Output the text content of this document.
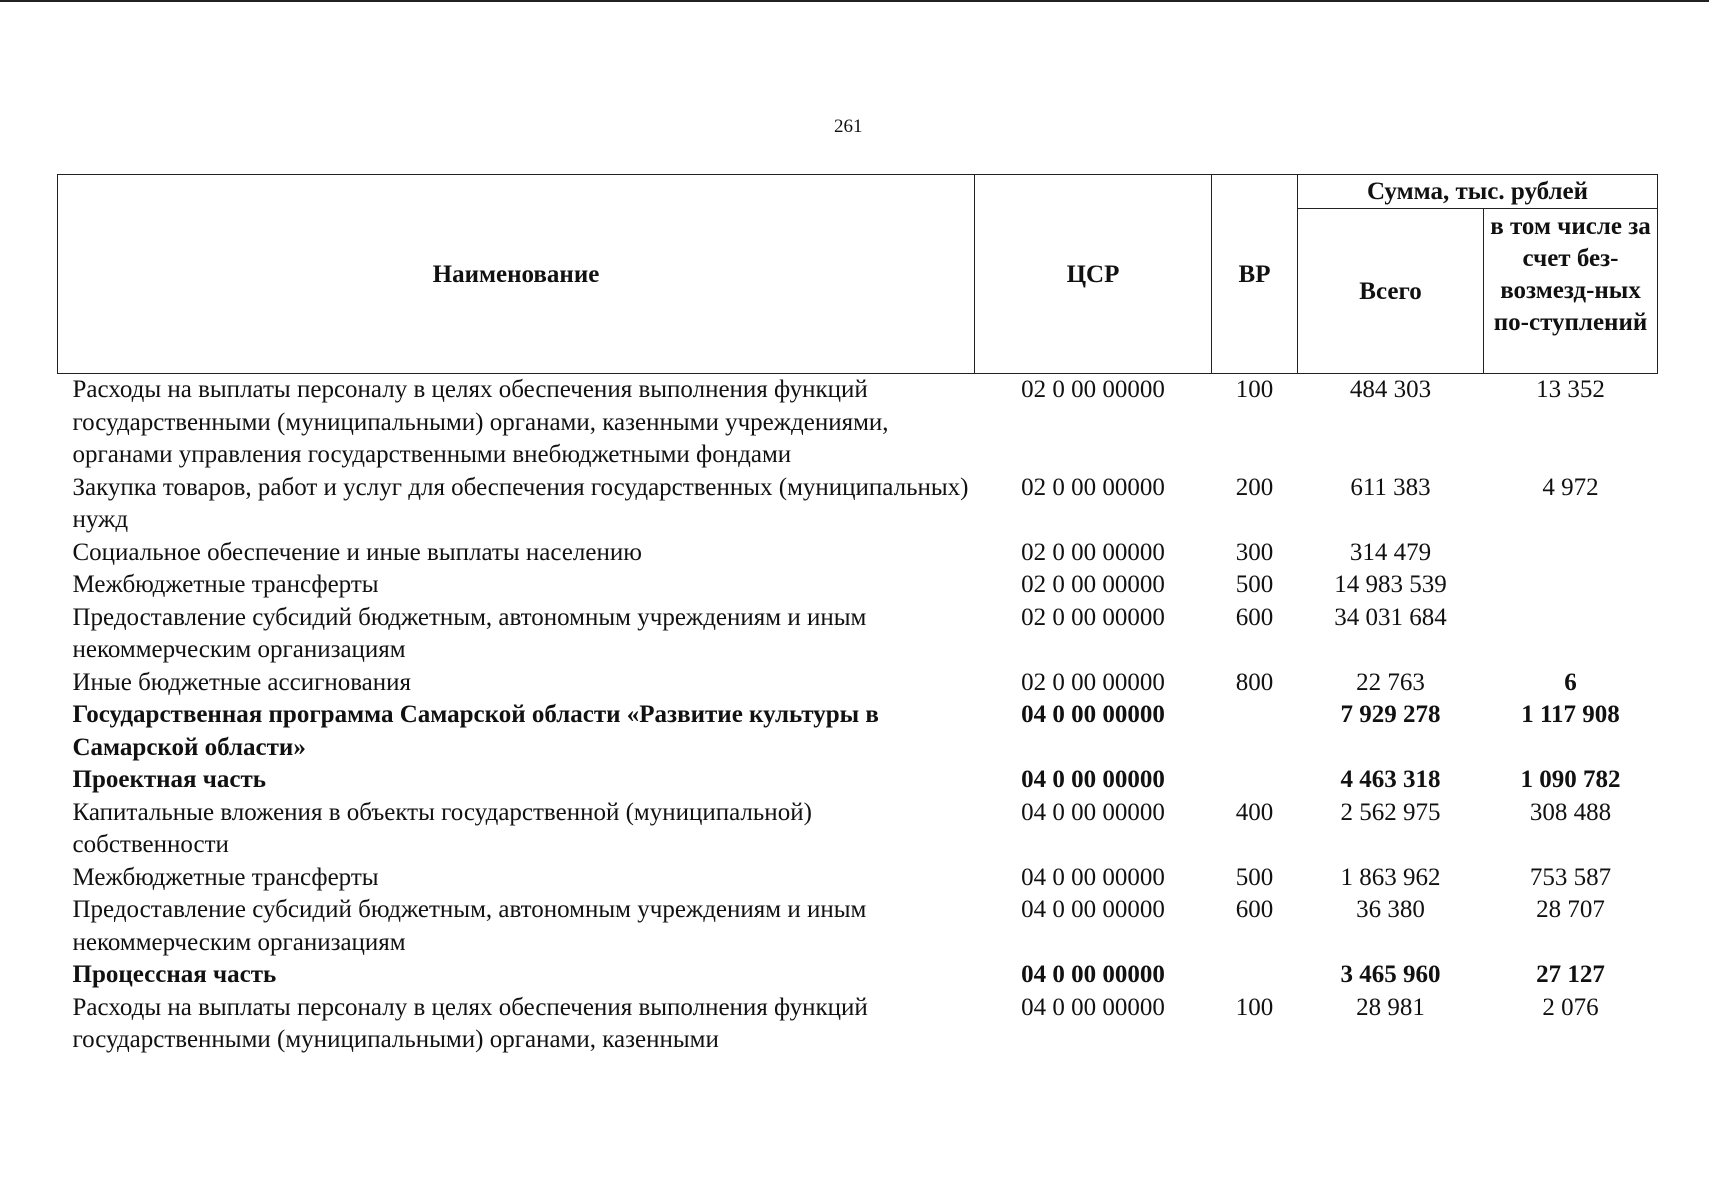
261
Наименование	ЦСР	ВР	Сумма, тыс. рублей	
			Всего	в том числе за счет без-возмезд-ных по-ступлений
Расходы на выплаты персоналу в целях обеспечения выполнения функций государственными (муниципальными) органами, казенными учреждениями, органами управления государственными внебюджетными фондами	02 0 00 00000	100	484 303	13 352
Закупка товаров, работ и услуг для обеспечения государственных (муниципальных) нужд	02 0 00 00000	200	611 383	4 972
Социальное обеспечение и иные выплаты населению	02 0 00 00000	300	314 479	
Межбюджетные трансферты	02 0 00 00000	500	14 983 539	
Предоставление субсидий бюджетным, автономным учреждениям и иным некоммерческим организациям	02 0 00 00000	600	34 031 684	
Иные бюджетные ассигнования	02 0 00 00000	800	22 763	6
Государственная программа Самарской области «Развитие культуры в Самарской области»	04 0 00 00000		7 929 278	1 117 908
Проектная часть	04 0 00 00000		4 463 318	1 090 782
Капитальные вложения в объекты государственной (муниципальной) собственности	04 0 00 00000	400	2 562 975	308 488
Межбюджетные трансферты	04 0 00 00000	500	1 863 962	753 587
Предоставление субсидий бюджетным, автономным учреждениям и иным некоммерческим организациям	04 0 00 00000	600	36 380	28 707
Процессная часть	04 0 00 00000		3 465 960	27 127
Расходы на выплаты персоналу в целях обеспечения выполнения функций государственными (муниципальными) органами, казенными	04 0 00 00000	100	28 981	2 076
